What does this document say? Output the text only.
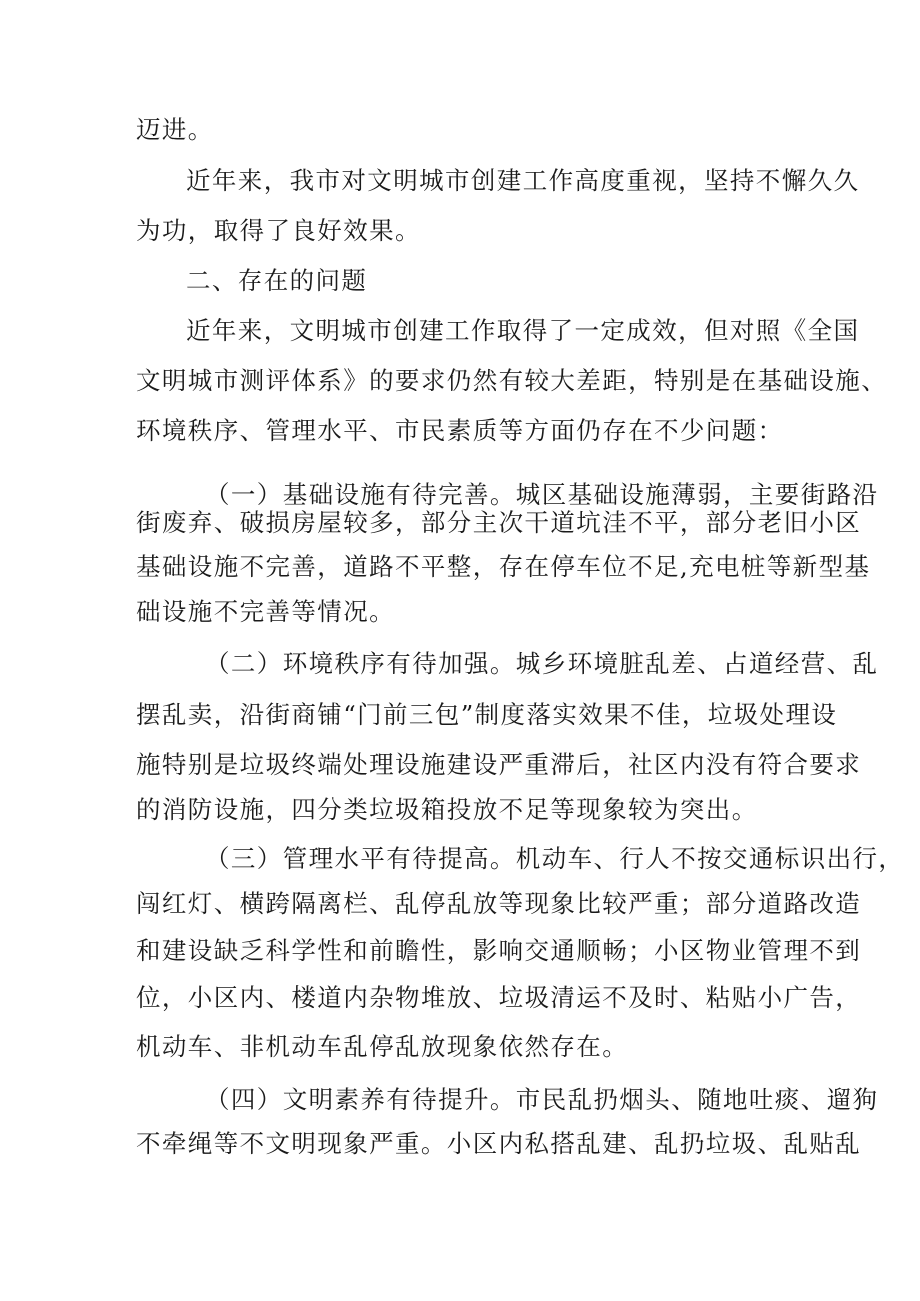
迈进。
近年来，我市对文明城市创建工作高度重视，坚持不懈久久
为功，取得了良好效果。
二、存在的问题
近年来，文明城市创建工作取得了一定成效，但对照《全国
文明城市测评体系》的要求仍然有较大差距，特别是在基础设施、
环境秩序、管理水平、市民素质等方面仍存在不少问题：
（一）基础设施有待完善。城区基础设施薄弱，主要街路沿
街废弃、破损房屋较多，部分主次干道坑洼不平，部分老旧小区
基础设施不完善，道路不平整，存在停车位不足,充电桩等新型基
础设施不完善等情况。
（二）环境秩序有待加强。城乡环境脏乱差、占道经营、乱
摆乱卖，沿街商铺“门前三包”制度落实效果不佳，垃圾处理设
施特别是垃圾终端处理设施建设严重滞后，社区内没有符合要求
的消防设施，四分类垃圾箱投放不足等现象较为突出。
（三）管理水平有待提高。机动车、行人不按交通标识出行，
闯红灯、横跨隔离栏、乱停乱放等现象比较严重；部分道路改造
和建设缺乏科学性和前瞻性，影响交通顺畅；小区物业管理不到
位，小区内、楼道内杂物堆放、垃圾清运不及时、粘贴小广告，
机动车、非机动车乱停乱放现象依然存在。
（四）文明素养有待提升。市民乱扔烟头、随地吐痰、遛狗
不牵绳等不文明现象严重。小区内私搭乱建、乱扔垃圾、乱贴乱
